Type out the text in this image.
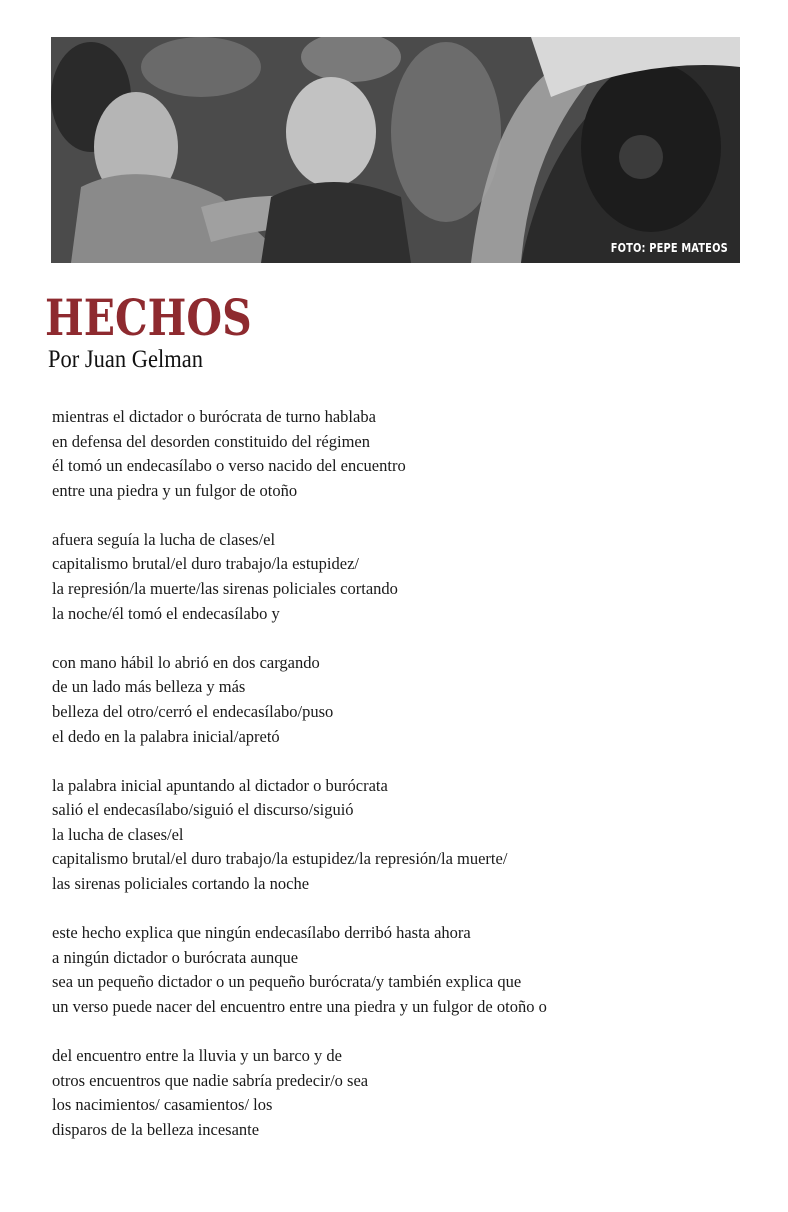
FOTO: PEPE MATEOS
HECHOS
Por Juan Gelman

mientras el dictador o burócrata de turno hablaba
en defensa del desorden constituido del régimen
él tomó un endecasílabo o verso nacido del encuentro
entre una piedra y un fulgor de otoño

afuera seguía la lucha de clases/el
capitalismo brutal/el duro trabajo/la estupidez/
la represión/la muerte/las sirenas policiales cortando
la noche/él tomó el endecasílabo y

con mano hábil lo abrió en dos cargando
de un lado más belleza y más
belleza del otro/cerró el endecasílabo/puso
el dedo en la palabra inicial/apretó

la palabra inicial apuntando al dictador o burócrata
salió el endecasílabo/siguió el discurso/siguió
la lucha de clases/el
capitalismo brutal/el duro trabajo/la estupidez/la represión/la muerte/
las sirenas policiales cortando la noche

este hecho explica que ningún endecasílabo derribó hasta ahora
a ningún dictador o burócrata aunque
sea un pequeño dictador o un pequeño burócrata/y también explica que
un verso puede nacer del encuentro entre una piedra y un fulgor de otoño o

del encuentro entre la lluvia y un barco y de
otros encuentros que nadie sabría predecir/o sea
los nacimientos/ casamientos/ los
disparos de la belleza incesante
